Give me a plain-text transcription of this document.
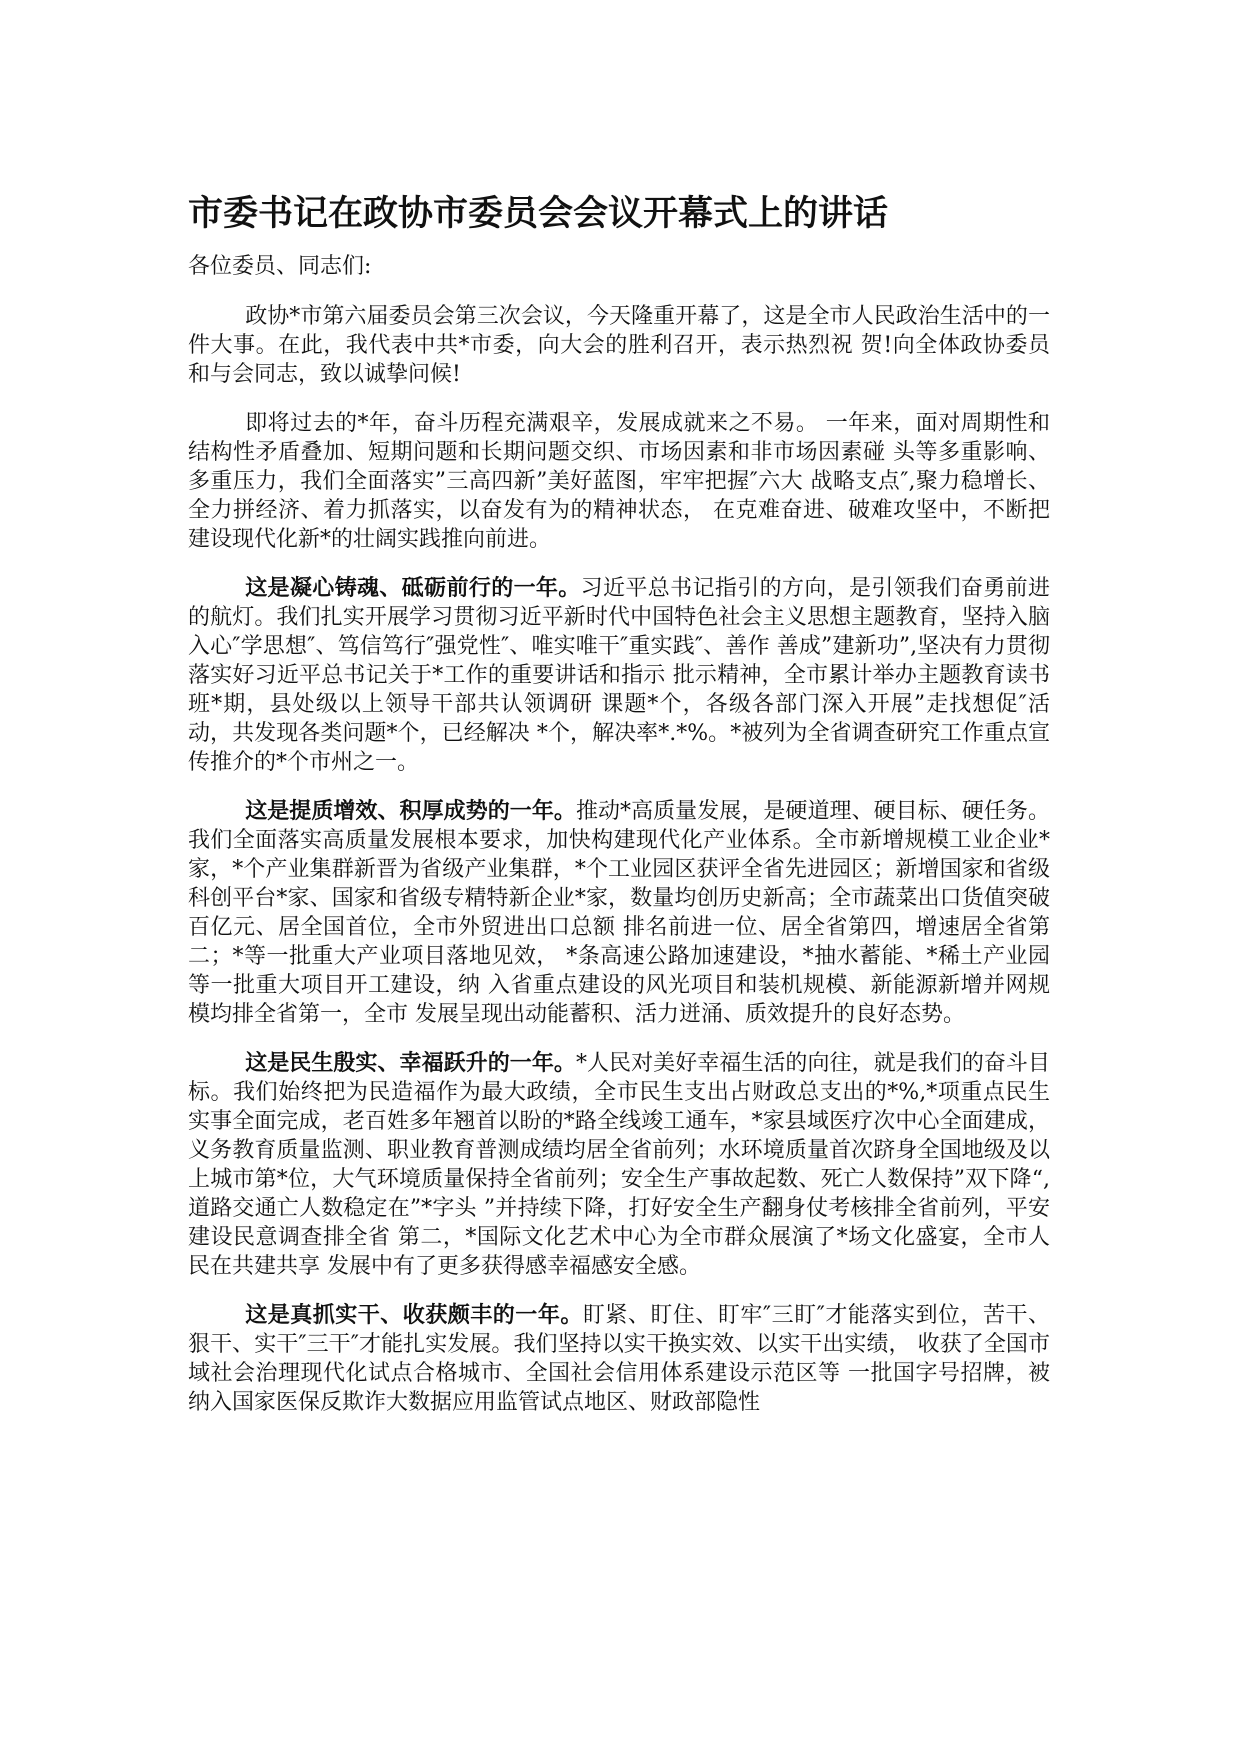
市委书记在政协市委员会会议开幕式上的讲话

各位委员、同志们:

政协*市第六届委员会第三次会议，今天隆重开幕了，这是全市人民政治生活中的一件大事。在此，我代表中共*市委，向大会的胜利召开，表示热烈祝 贺!向全体政协委员和与会同志，致以诚挚问候!

即将过去的*年，奋斗历程充满艰辛，发展成就来之不易。 一年来，面对周期性和结构性矛盾叠加、短期问题和长期问题交织、市场因素和非市场因素碰 头等多重影响、多重压力，我们全面落实”三高四新”美好蓝图，牢牢把握″六大 战略支点″,聚力稳增长、全力拼经济、着力抓落实，以奋发有为的精神状态， 在克难奋进、破难攻坚中，不断把建设现代化新*的壮阔实践推向前进。

这是凝心铸魂、砥砺前行的一年。习近平总书记指引的方向，是引领我们奋勇前进的航灯。我们扎实开展学习贯彻习近平新时代中国特色社会主义思想主题教育，坚持入脑入心″学思想″、笃信笃行″强党性″、唯实唯干″重实践″、善作 善成”建新功”,坚决有力贯彻落实好习近平总书记关于*工作的重要讲话和指示 批示精神，全市累计举办主题教育读书班*期，县处级以上领导干部共认领调研 课题*个，各级各部门深入开展”走找想促″活动，共发现各类问题*个，已经解决 *个，解决率*.*%。*被列为全省调查研究工作重点宣传推介的*个市州之一。

这是提质增效、积厚成势的一年。推动*高质量发展，是硬道理、硬目标、硬任务。我们全面落实高质量发展根本要求，加快构建现代化产业体系。全市新增规模工业企业*家，*个产业集群新晋为省级产业集群，*个工业园区获评全省先进园区；新增国家和省级科创平台*家、国家和省级专精特新企业*家，数量均创历史新高；全市蔬菜出口货值突破百亿元、居全国首位，全市外贸进出口总额 排名前进一位、居全省第四，增速居全省第二；*等一批重大产业项目落地见效， *条高速公路加速建设，*抽水蓄能、*稀土产业园等一批重大项目开工建设，纳 入省重点建设的风光项目和装机规模、新能源新增并网规模均排全省第一，全市 发展呈现出动能蓄积、活力迸涌、质效提升的良好态势。

这是民生殷实、幸福跃升的一年。*人民对美好幸福生活的向往，就是我们的奋斗目标。我们始终把为民造福作为最大政绩，全市民生支出占财政总支出的*%,*项重点民生实事全面完成，老百姓多年翘首以盼的*路全线竣工通车，*家县域医疗次中心全面建成，义务教育质量监测、职业教育普测成绩均居全省前列；水环境质量首次跻身全国地级及以上城市第*位，大气环境质量保持全省前列；安全生产事故起数、死亡人数保持”双下降“,道路交通亡人数稳定在”*字头 ”并持续下降，打好安全生产翻身仗考核排全省前列，平安建设民意调查排全省 第二，*国际文化艺术中心为全市群众展演了*场文化盛宴，全市人民在共建共享 发展中有了更多获得感幸福感安全感。

这是真抓实干、收获颇丰的一年。盯紧、盯住、盯牢″三盯″才能落实到位，苦干、狠干、实干″三干″才能扎实发展。我们坚持以实干换实效、以实干出实绩， 收获了全国市域社会治理现代化试点合格城市、全国社会信用体系建设示范区等 一批国字号招牌，被纳入国家医保反欺诈大数据应用监管试点地区、财政部隐性
